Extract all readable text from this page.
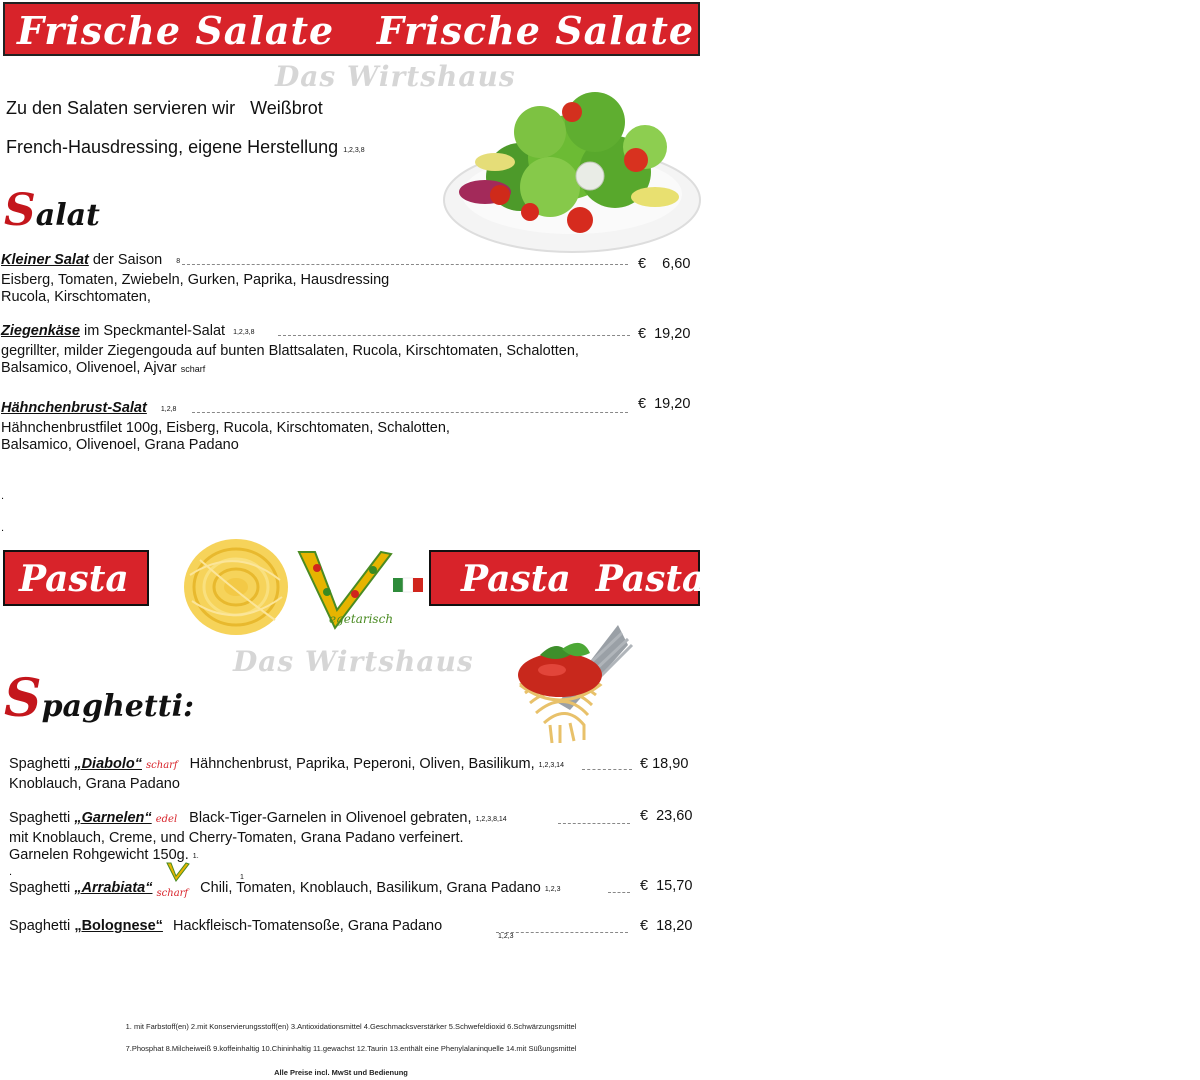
Frische Salate   Frische Salate   Frische
Das Wirtshaus
Zu den Salaten servieren wir   Weißbrot
French-Hausdressing, eigene Herstellung 1,2,3,8
Salat
Kleiner Salat der Saison 8
Eisberg, Tomaten, Zwiebeln, Gurken, Paprika, Hausdressing
Rucola, Kirschtomaten,
€    6,60
Ziegenkäse im Speckmantel-Salat 1,2,3,8
gegrillter, milder Ziegengouda auf bunten Blattsalaten, Rucola, Kirschtomaten, Schalotten,
Balsamico, Olivenoel, Ajvar scharf
€  19,20
Hähnchenbrust-Salat 1,2,8
Hähnchenbrustfilet 100g, Eisberg, Rucola, Kirschtomaten, Schalotten,
Balsamico, Olivenoel, Grana Padano
€  19,20
.
.
Pasta	Pasta  Pasta
egetarisch
Das Wirtshaus
Spaghetti:
Spaghetti „Diabolo“ scharf Hähnchenbrust, Paprika, Peperoni, Oliven, Basilikum, 1,2,3,14
Knoblauch, Grana Padano
€ 18,90
Spaghetti „Garnelen“ edel Black-Tiger-Garnelen in Olivenoel gebraten, 1,2,3,8,14
mit Knoblauch, Creme, und Cherry-Tomaten, Grana Padano verfeinert.
Garnelen Rohgewicht 150g. 1.
€  23,60
.
Spaghetti „Arrabiata“ $_{scharf}$ Chili, Tomaten, Knoblauch, Basilikum, Grana Padano 1,2,3
1
€  15,70
Spaghetti „Bolognese“ Hackfleisch-Tomatensoße, Grana Padano
1,2,3
€  18,20
1. mit Farbstoff(en) 2.mit Konservierungsstoff(en) 3.Antioxidationsmittel 4.Geschmacksverstärker 5.Schwefeldioxid 6.Schwärzungsmittel
7.Phosphat 8.Milcheiweiß 9.koffeinhaltig 10.Chininhaltig 11.gewachst 12.Taurin 13.enthält eine Phenylalaninquelle 14.mit Süßungsmittel
Alle Preise incl. MwSt und Bedienung
